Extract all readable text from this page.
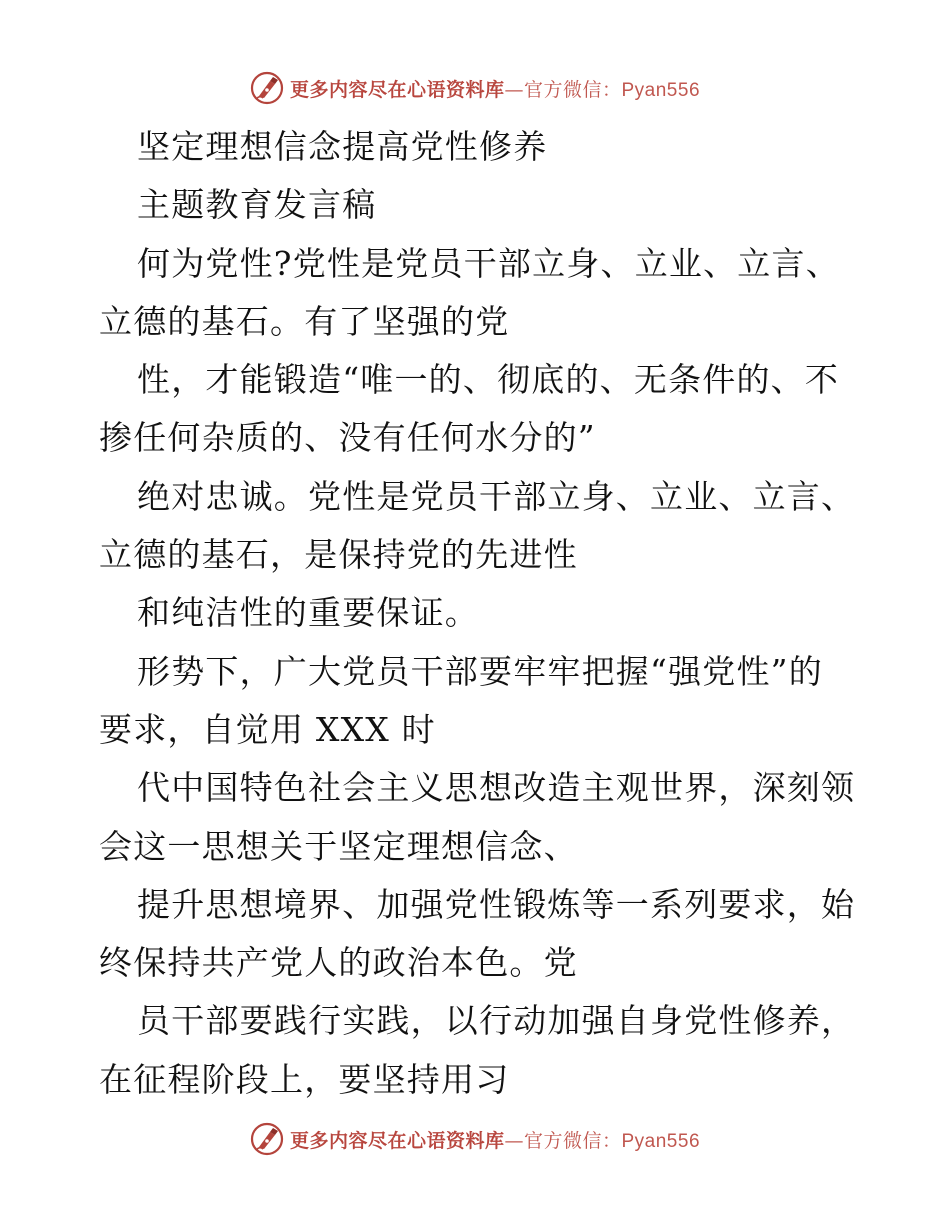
更多内容尽在心语资料库—官方微信：Pyan556
坚定理想信念提高党性修养
主题教育发言稿
何为党性?党性是党员干部立身、立业、立言、
立德的基石。有了坚强的党
性，才能锻造“唯一的、彻底的、无条件的、不
掺任何杂质的、没有任何水分的”
绝对忠诚。党性是党员干部立身、立业、立言、
立德的基石，是保持党的先进性
和纯洁性的重要保证。
形势下，广大党员干部要牢牢把握“强党性”的
要求，自觉用 XXX 时
代中国特色社会主义思想改造主观世界，深刻领
会这一思想关于坚定理想信念、
提升思想境界、加强党性锻炼等一系列要求，始
终保持共产党人的政治本色。党
员干部要践行实践，以行动加强自身党性修养，
在征程阶段上，要坚持用习
更多内容尽在心语资料库—官方微信：Pyan556
